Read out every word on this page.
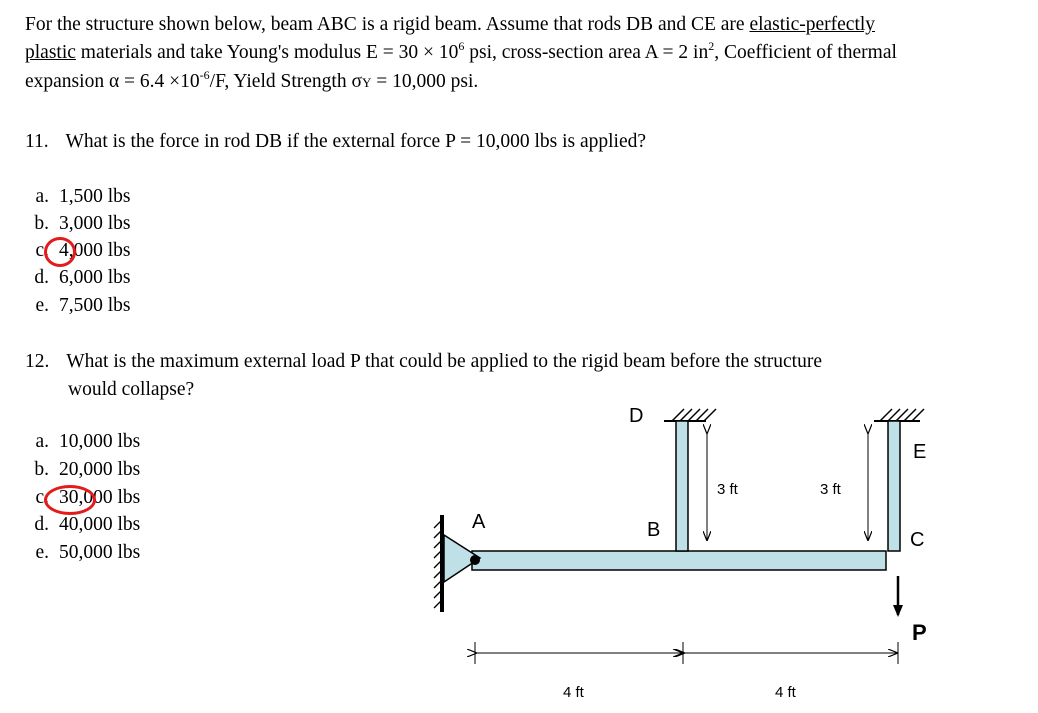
For the structure shown below, beam ABC is a rigid beam. Assume that rods DB and CE are elastic-perfectly
plastic materials and take Young's modulus $E = 30 \times 10^6$ psi, cross-section area A = 2 $in^2$, Coefficient of thermal
expansion $\alpha = 6.4 \times 10^{-6}/F$, Yield Strength σY = 10,000 psi.
11. What is the force in rod DB if the external force P = 10,000 lbs is applied?
a. 1,500 lbs
b. 3,000 lbs
c. 4,000 lbs
d. 6,000 lbs
e. 7,500 lbs
12. What is the maximum external load P that could be applied to the rigid beam before the structure
would collapse?
a. 10,000 lbs
b. 20,000 lbs
c. 30,000 lbs
d. 40,000 lbs
e. 50,000 lbs
D
E
A	B	C
P
3 ft	3 ft
4 ft	4 ft
